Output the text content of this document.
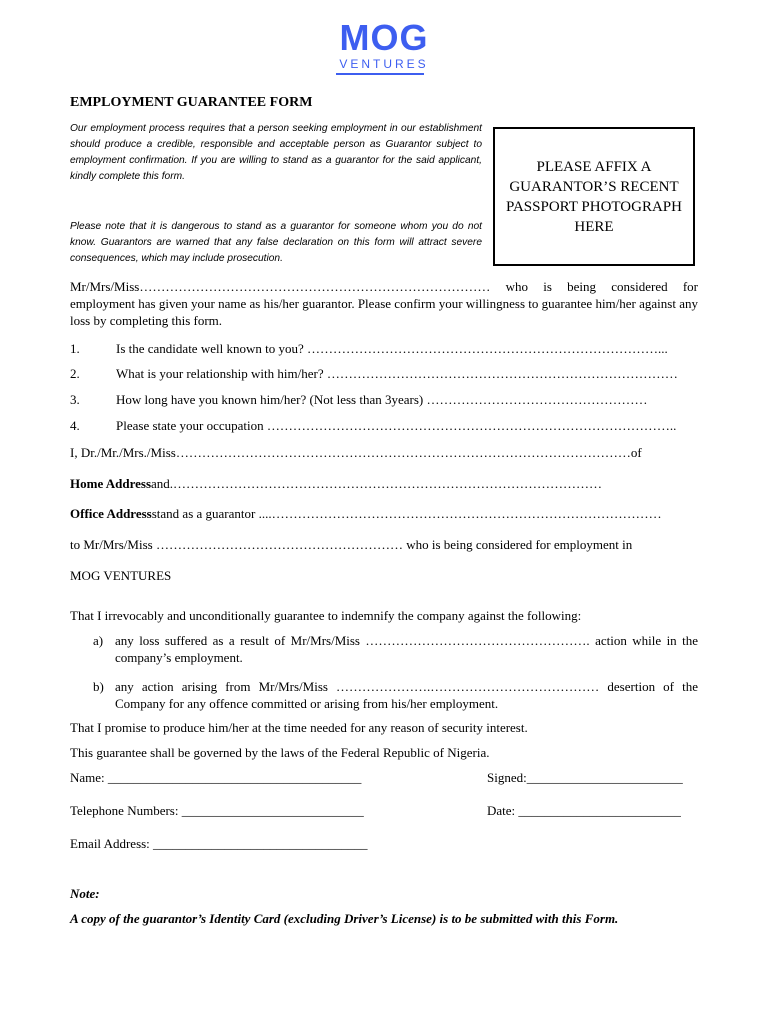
MOG
VENTURES
EMPLOYMENT GUARANTEE FORM
Our employment process requires that a person seeking employment in our establishment should produce a credible, responsible and acceptable person as Guarantor subject to employment confirmation. If you are willing to stand as a guarantor for the said applicant, kindly complete this form.
Please note that it is dangerous to stand as a guarantor for someone whom you do not know. Guarantors are warned that any false declaration on this form will attract severe consequences, which may include prosecution.
PLEASE AFFIX A GUARANTOR’S RECENT PASSPORT PHOTOGRAPH HERE
Mr/Mrs/Miss……………………………………………………………………… who is being considered for employment has given your name as his/her guarantor. Please confirm your willingness to guarantee him/her against any loss by completing this form.
1.	Is the candidate well known to you? ………………………………………………………………………...
2.	What is your relationship with him/her? ………………………………………………………………………
3.	How long have you known him/her? (Not less than 3years) ……………………………………………
4.	Please state your occupation …………………………………………………………………………………..
I, Dr./Mr./Mrs./Miss……………………………………………………………………………………………of
Home Address ……………………………………………………………………………………….and
Office Address ……………………………………………………………………………….... stand as a guarantor
to Mr/Mrs/Miss ………………………………………………… who is being considered for employment in
MOG VENTURES
That I irrevocably and unconditionally guarantee to indemnify the company against the following:
a) any loss suffered as a result of Mr/Mrs/Miss ……………………………………………. action while in the company’s employment.
b) any action arising from Mr/Mrs/Miss ………………….………………………………… desertion of the Company for any offence committed or arising from his/her employment.
That I promise to produce him/her at the time needed for any reason of security interest.
This guarantee shall be governed by the laws of the Federal Republic of Nigeria.
Name: _______________________________________	Signed:________________________
Telephone Numbers: ____________________________	Date: _________________________
Email Address: _________________________________
Note:
A copy of the guarantor’s Identity Card (excluding Driver’s License) is to be submitted with this Form.
